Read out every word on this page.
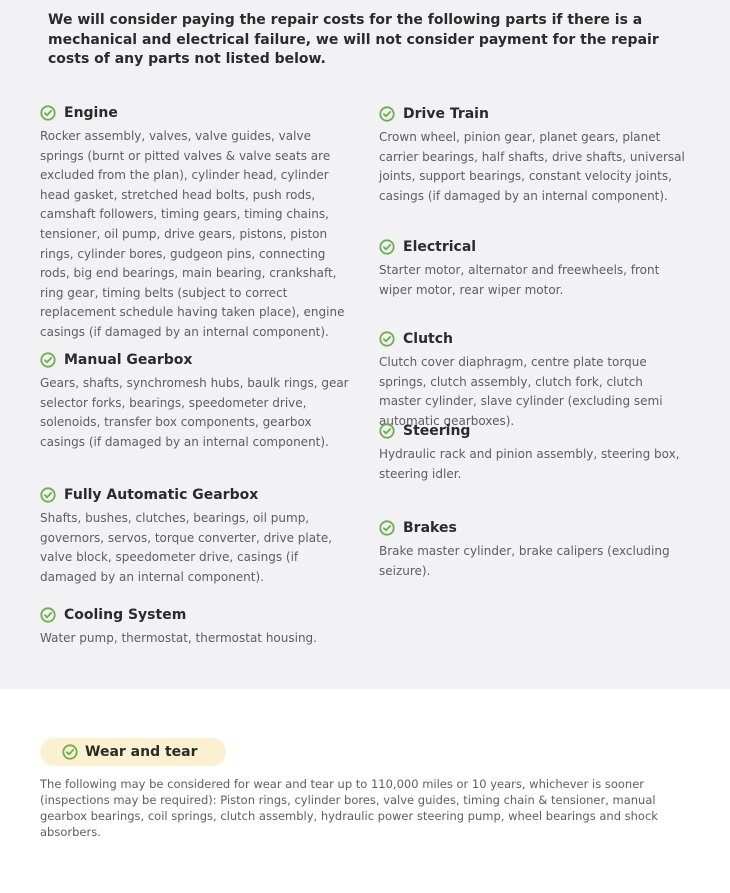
We will consider paying the repair costs for the following parts if there is a mechanical and electrical failure, we will not consider payment for the repair costs of any parts not listed below.

Engine

Rocker assembly, valves, valve guides, valve springs (burnt or pitted valves & valve seats are excluded from the plan), cylinder head, cylinder head gasket, stretched head bolts, push rods, camshaft followers, timing gears, timing chains, tensioner, oil pump, drive gears, pistons, piston rings, cylinder bores, gudgeon pins, connecting rods, big end bearings, main bearing, crankshaft, ring gear, timing belts (subject to correct replacement schedule having taken place), engine casings (if damaged by an internal component).

Manual Gearbox

Gears, shafts, synchromesh hubs, baulk rings, gear selector forks, bearings, speedometer drive, solenoids, transfer box components, gearbox casings (if damaged by an internal component).

Fully Automatic Gearbox

Shafts, bushes, clutches, bearings, oil pump, governors, servos, torque converter, drive plate, valve block, speedometer drive, casings (if damaged by an internal component).

Cooling System

Water pump, thermostat, thermostat housing.

Drive Train

Crown wheel, pinion gear, planet gears, planet carrier bearings, half shafts, drive shafts, universal joints, support bearings, constant velocity joints, casings (if damaged by an internal component).

Electrical

Starter motor, alternator and freewheels, front wiper motor, rear wiper motor.

Clutch

Clutch cover diaphragm, centre plate torque springs, clutch assembly, clutch fork, clutch master cylinder, slave cylinder (excluding semi automatic gearboxes).

Steering

Hydraulic rack and pinion assembly, steering box, steering idler.

Brakes

Brake master cylinder, brake calipers (excluding seizure).

Wear and tear

The following may be considered for wear and tear up to 110,000 miles or 10 years, whichever is sooner (inspections may be required): Piston rings, cylinder bores, valve guides, timing chain & tensioner, manual gearbox bearings, coil springs, clutch assembly, hydraulic power steering pump, wheel bearings and shock absorbers.
